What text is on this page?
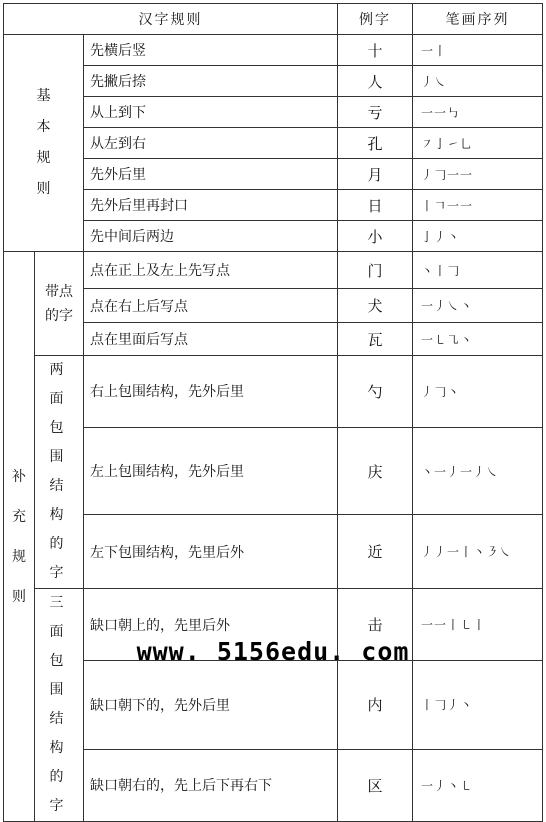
汉字规则			例字	笔画序列

基本规则		先横后竖	十	一丨
		先撇后捺	人	丿㇏
		从上到下	亏	一一㇉
		从左到右	孔	㇇亅㇀乚
		先外后里	月	丿𠃌一一
		先外后里再封口	日	丨𠃍一一
		先中间后两边	小	亅丿丶

补充规则	带点的字	点在正上及左上先写点	门	丶丨𠃌
		点在右上后写点	犬	一丿㇏丶
		点在里面后写点	瓦	一㇄㇈丶

	两面包围结构的字	右上包围结构，先外后里	勺	丿𠃌丶
		左上包围结构，先外后里	庆	丶一丿一丿㇏
		左下包围结构，先里后外	近	丿丿一丨丶㇋㇏

	三面包围结构的字	缺口朝上的，先里后外	击	一一丨㇄丨
		缺口朝下的，先外后里	内	丨𠃌丿丶
		缺口朝右的，先上后下再右下	区	一丿丶㇄
www. 5156edu. com
